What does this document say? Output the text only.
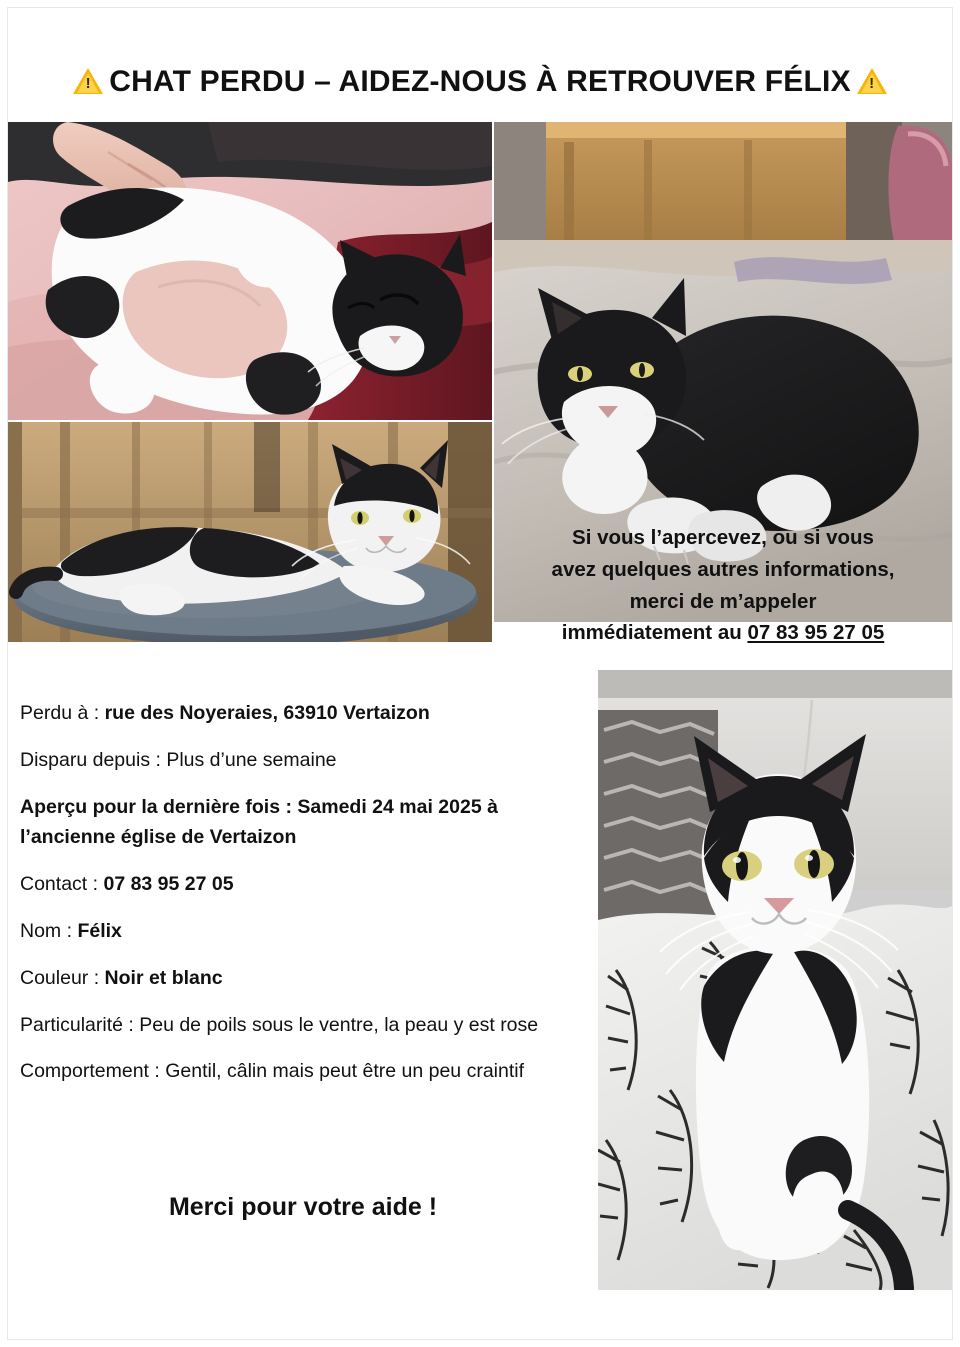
! CHAT PERDU – AIDEZ-NOUS À RETROUVER FÉLIX	!
Si vous l’apercevez, ou si vous
avez quelques autres informations,
merci de m’appeler
immédiatement au 07 83 95 27 05

Perdu à : rue des Noyeraies, 63910 Vertaizon

Disparu depuis : Plus d’une semaine

Aperçu pour la dernière fois : Samedi 24 mai 2025 à l’ancienne église de Vertaizon

Contact : 07 83 95 27 05

Nom : Félix

Couleur : Noir et blanc

Particularité : Peu de poils sous le ventre, la peau y est rose

Comportement : Gentil, câlin mais peut être un peu craintif

Merci pour votre aide !
